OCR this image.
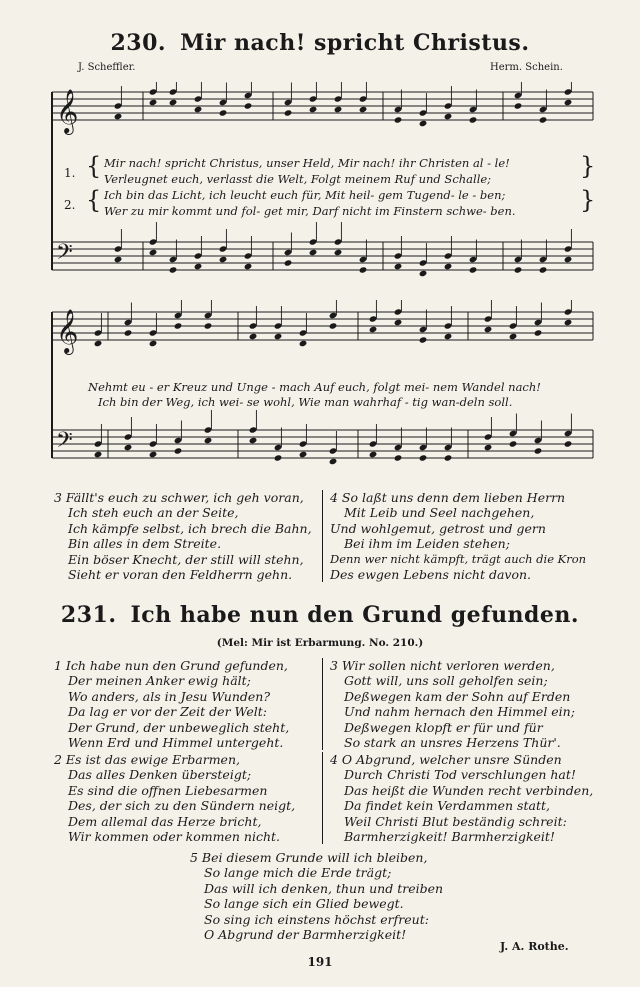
230. Mir nach! spricht Christus.
J. Scheffler.	Herm. Schein.
𝄞
𝄢
1.
2.
{
{
}
}
Mir nach! spricht Christus, unser Held, Mir nach! ihr Christen al - le!
Verleugnet euch, verlasst die Welt, Folgt meinem Ruf und Schalle;
Ich bin das Licht, ich leucht euch für, Mit heil- gem Tugend- le - ben;
Wer zu mir kommt und fol- get mir, Darf nicht im Finstern schwe- ben.
𝄞
𝄢
Nehmt eu - er Kreuz und Unge - mach Auf euch, folgt mei- nem Wandel nach!
Ich bin der Weg, ich wei- se wohl, Wie man wahrhaf - tig wan-deln soll.
3 Fällt's euch zu schwer, ich geh voran,
Ich steh euch an der Seite,
Ich kämpfe selbst, ich brech die Bahn,
Bin alles in dem Streite.
Ein böser Knecht, der still will stehn,
Sieht er voran den Feldherrn gehn.
4 So laßt uns denn dem lieben Herrn
Mit Leib und Seel nachgehen,
Und wohlgemut, getrost und gern
Bei ihm im Leiden stehen;
Denn wer nicht kämpft, trägt auch die Kron
Des ewgen Lebens nicht davon.
231. Ich habe nun den Grund gefunden.
(Mel: Mir ist Erbarmung. No. 210.)
1 Ich habe nun den Grund gefunden,
Der meinen Anker ewig hält;
Wo anders, als in Jesu Wunden?
Da lag er vor der Zeit der Welt:
Der Grund, der unbeweglich steht,
Wenn Erd und Himmel untergeht.
3 Wir sollen nicht verloren werden,
Gott will, uns soll geholfen sein;
Deßwegen kam der Sohn auf Erden
Und nahm hernach den Himmel ein;
Deßwegen klopft er für und für
So stark an unsres Herzens Thür'.
2 Es ist das ewige Erbarmen,
Das alles Denken übersteigt;
Es sind die offnen Liebesarmen
Des, der sich zu den Sündern neigt,
Dem allemal das Herze bricht,
Wir kommen oder kommen nicht.
4 O Abgrund, welcher unsre Sünden
Durch Christi Tod verschlungen hat!
Das heißt die Wunden recht verbinden,
Da findet kein Verdammen statt,
Weil Christi Blut beständig schreit:
Barmherzigkeit! Barmherzigkeit!
5 Bei diesem Grunde will ich bleiben,
So lange mich die Erde trägt;
Das will ich denken, thun und treiben
So lange sich ein Glied bewegt.
So sing ich einstens höchst erfreut:
O Abgrund der Barmherzigkeit!
J. A. Rothe.
191
